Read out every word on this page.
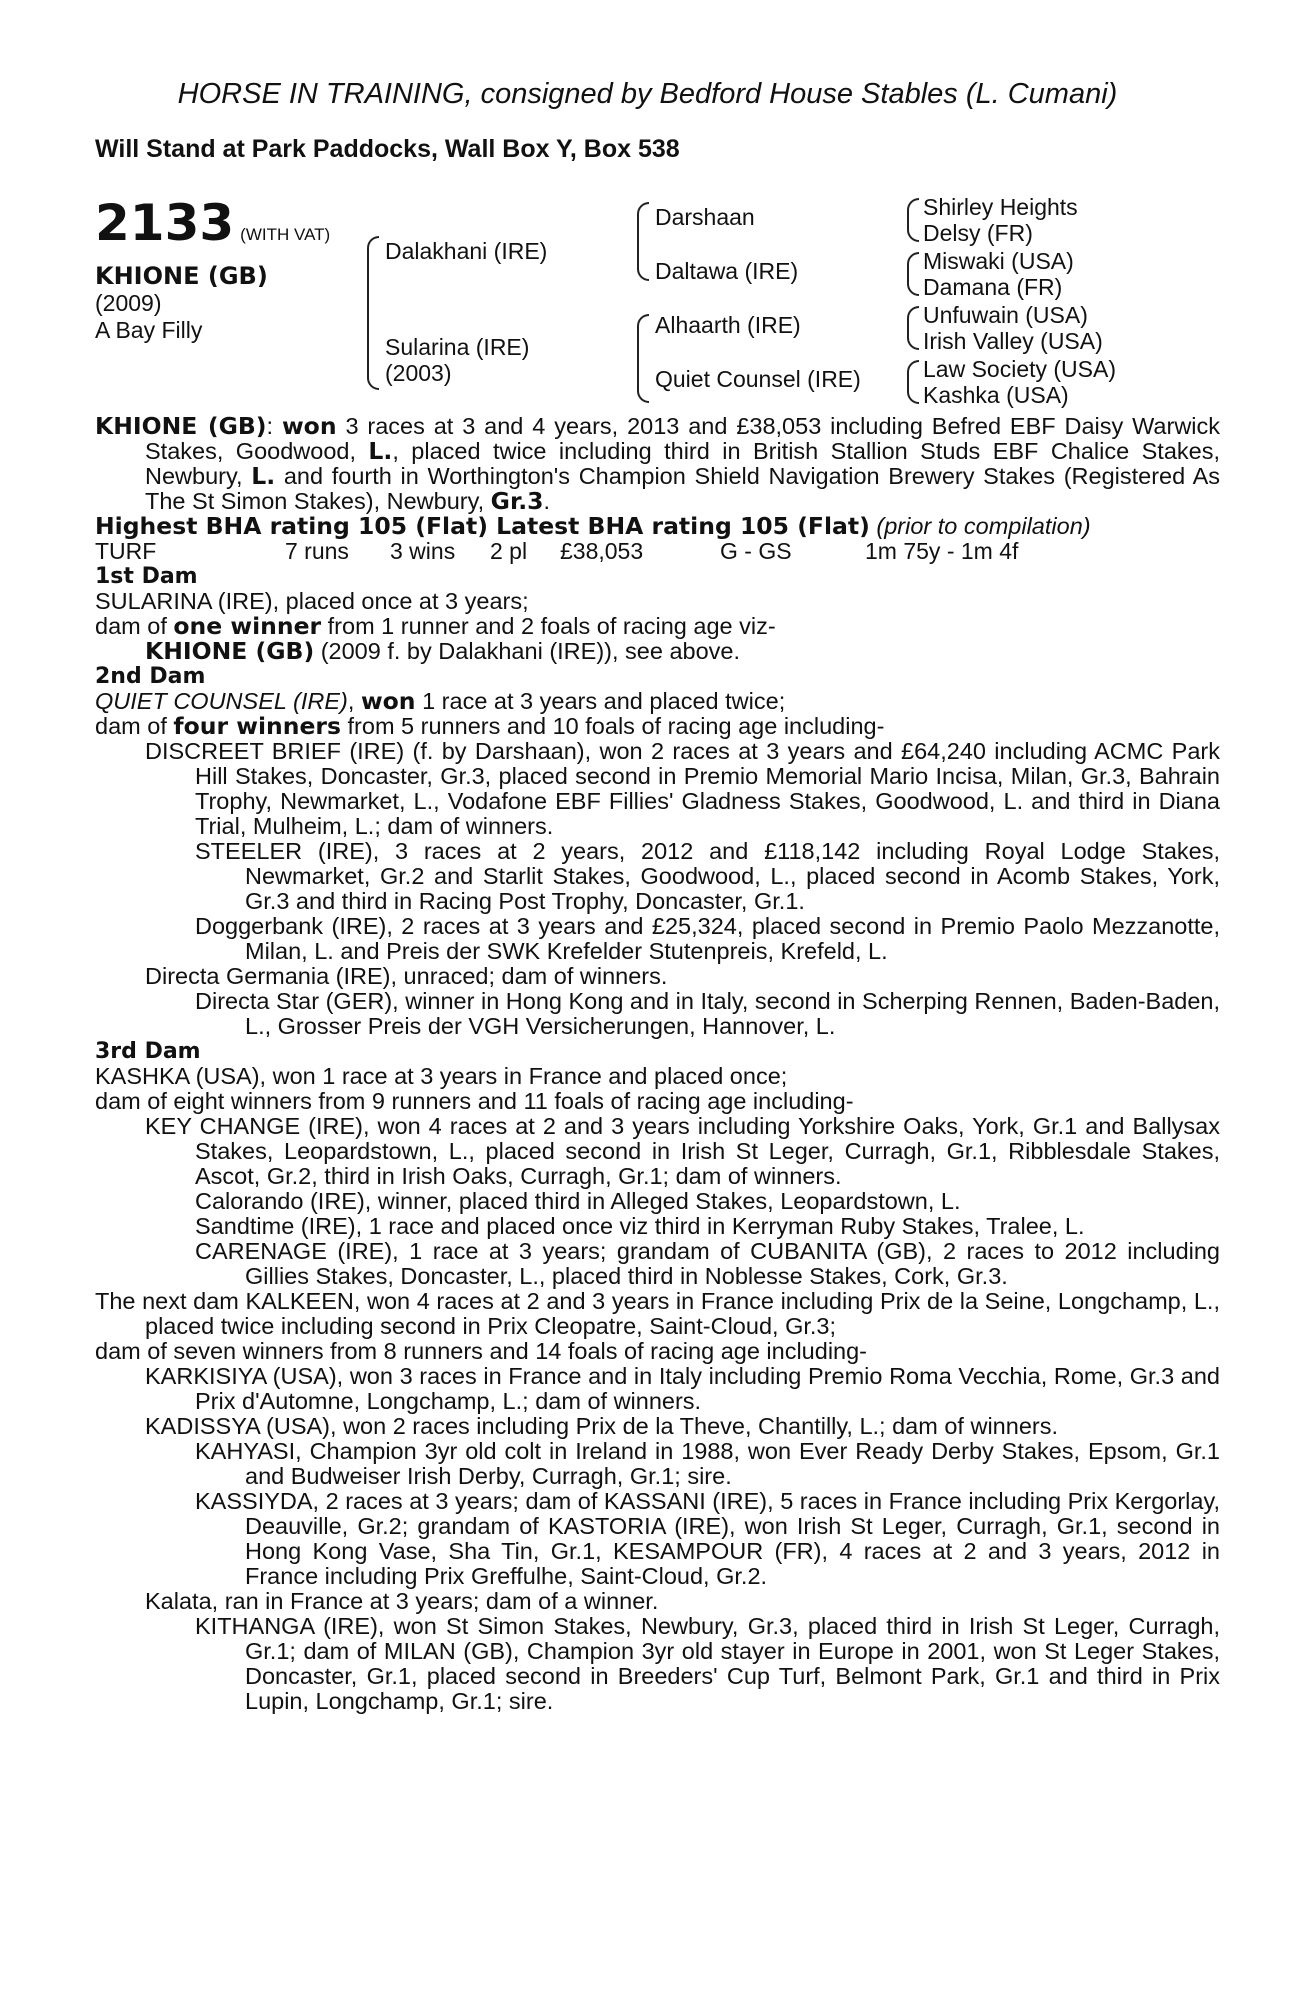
HORSE IN TRAINING, consigned by Bedford House Stables (L. Cumani)
Will Stand at Park Paddocks, Wall Box Y, Box 538
2133 (WITH VAT)
KHIONE (GB)
(2009)
A Bay Filly
Dalakhani (IRE)
Sularina (IRE)
(2003)
Darshaan
Daltawa (IRE)
Alhaarth (IRE)
Quiet Counsel (IRE)
Shirley Heights
Delsy (FR)
Miswaki (USA)
Damana (FR)
Unfuwain (USA)
Irish Valley (USA)
Law Society (USA)
Kashka (USA)

KHIONE (GB): won 3 races at 3 and 4 years, 2013 and £38,053 including Befred EBF Daisy Warwick Stakes, Goodwood, L., placed twice including third in British Stallion Studs EBF Chalice Stakes, Newbury, L. and fourth in Worthington's Champion Shield Navigation Brewery Stakes (Registered As The St Simon Stakes), Newbury, Gr.3.

Highest BHA rating 105 (Flat) Latest BHA rating 105 (Flat) (prior to compilation)

TURF	7 runs	3 wins	2 pl	£38,053	G - GS	1m 75y - 1m 4f

1st Dam

SULARINA (IRE), placed once at 3 years;

dam of one winner from 1 runner and 2 foals of racing age viz-

KHIONE (GB) (2009 f. by Dalakhani (IRE)), see above.

2nd Dam

QUIET COUNSEL (IRE), won 1 race at 3 years and placed twice;

dam of four winners from 5 runners and 10 foals of racing age including-

DISCREET BRIEF (IRE) (f. by Darshaan), won 2 races at 3 years and £64,240 including ACMC Park Hill Stakes, Doncaster, Gr.3, placed second in Premio Memorial Mario Incisa, Milan, Gr.3, Bahrain Trophy, Newmarket, L., Vodafone EBF Fillies' Gladness Stakes, Goodwood, L. and third in Diana Trial, Mulheim, L.; dam of winners.

STEELER (IRE), 3 races at 2 years, 2012 and £118,142 including Royal Lodge Stakes, Newmarket, Gr.2 and Starlit Stakes, Goodwood, L., placed second in Acomb Stakes, York, Gr.3 and third in Racing Post Trophy, Doncaster, Gr.1.

Doggerbank (IRE), 2 races at 3 years and £25,324, placed second in Premio Paolo Mezzanotte, Milan, L. and Preis der SWK Krefelder Stutenpreis, Krefeld, L.

Directa Germania (IRE), unraced; dam of winners.

Directa Star (GER), winner in Hong Kong and in Italy, second in Scherping Rennen, Baden-Baden, L., Grosser Preis der VGH Versicherungen, Hannover, L.

3rd Dam

KASHKA (USA), won 1 race at 3 years in France and placed once;

dam of eight winners from 9 runners and 11 foals of racing age including-

KEY CHANGE (IRE), won 4 races at 2 and 3 years including Yorkshire Oaks, York, Gr.1 and Ballysax Stakes, Leopardstown, L., placed second in Irish St Leger, Curragh, Gr.1, Ribblesdale Stakes, Ascot, Gr.2, third in Irish Oaks, Curragh, Gr.1; dam of winners.

Calorando (IRE), winner, placed third in Alleged Stakes, Leopardstown, L.

Sandtime (IRE), 1 race and placed once viz third in Kerryman Ruby Stakes, Tralee, L.

CARENAGE (IRE), 1 race at 3 years; grandam of CUBANITA (GB), 2 races to 2012 including Gillies Stakes, Doncaster, L., placed third in Noblesse Stakes, Cork, Gr.3.

The next dam KALKEEN, won 4 races at 2 and 3 years in France including Prix de la Seine, Longchamp, L., placed twice including second in Prix Cleopatre, Saint-Cloud, Gr.3;

dam of seven winners from 8 runners and 14 foals of racing age including-

KARKISIYA (USA), won 3 races in France and in Italy including Premio Roma Vecchia, Rome, Gr.3 and Prix d'Automne, Longchamp, L.; dam of winners.

KADISSYA (USA), won 2 races including Prix de la Theve, Chantilly, L.; dam of winners.

KAHYASI, Champion 3yr old colt in Ireland in 1988, won Ever Ready Derby Stakes, Epsom, Gr.1 and Budweiser Irish Derby, Curragh, Gr.1; sire.

KASSIYDA, 2 races at 3 years; dam of KASSANI (IRE), 5 races in France including Prix Kergorlay, Deauville, Gr.2; grandam of KASTORIA (IRE), won Irish St Leger, Curragh, Gr.1, second in Hong Kong Vase, Sha Tin, Gr.1, KESAMPOUR (FR), 4 races at 2 and 3 years, 2012 in France including Prix Greffulhe, Saint-Cloud, Gr.2.

Kalata, ran in France at 3 years; dam of a winner.

KITHANGA (IRE), won St Simon Stakes, Newbury, Gr.3, placed third in Irish St Leger, Curragh, Gr.1; dam of MILAN (GB), Champion 3yr old stayer in Europe in 2001, won St Leger Stakes, Doncaster, Gr.1, placed second in Breeders' Cup Turf, Belmont Park, Gr.1 and third in Prix Lupin, Longchamp, Gr.1; sire.
